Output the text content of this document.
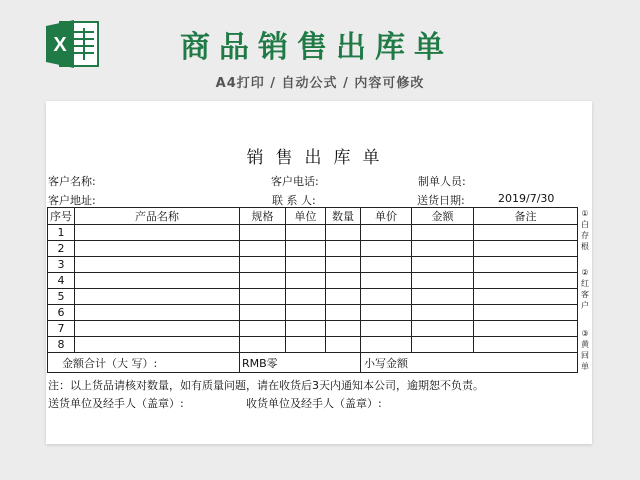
X	商品销售出库单
A4打印 / 自动公式 / 内容可修改
销售出库单
客户名称:	客户电话:	制单人员:
客户地址:	联 系 人:	送货日期:	2019/7/30
序号	产品名称	规格	单位	数量	单价	金额	备注
1							
2							
3							
4							
5							
6							
7							
8							
金额合计（大 写）:		RMB零			小写金额		
①
白
存
根
②
红
客
户
③
黄
回
单
注：以上货品请核对数量，如有质量问题，请在收货后3天内通知本公司，逾期恕不负责。
送货单位及经手人（盖章）:	收货单位及经手人（盖章）:
